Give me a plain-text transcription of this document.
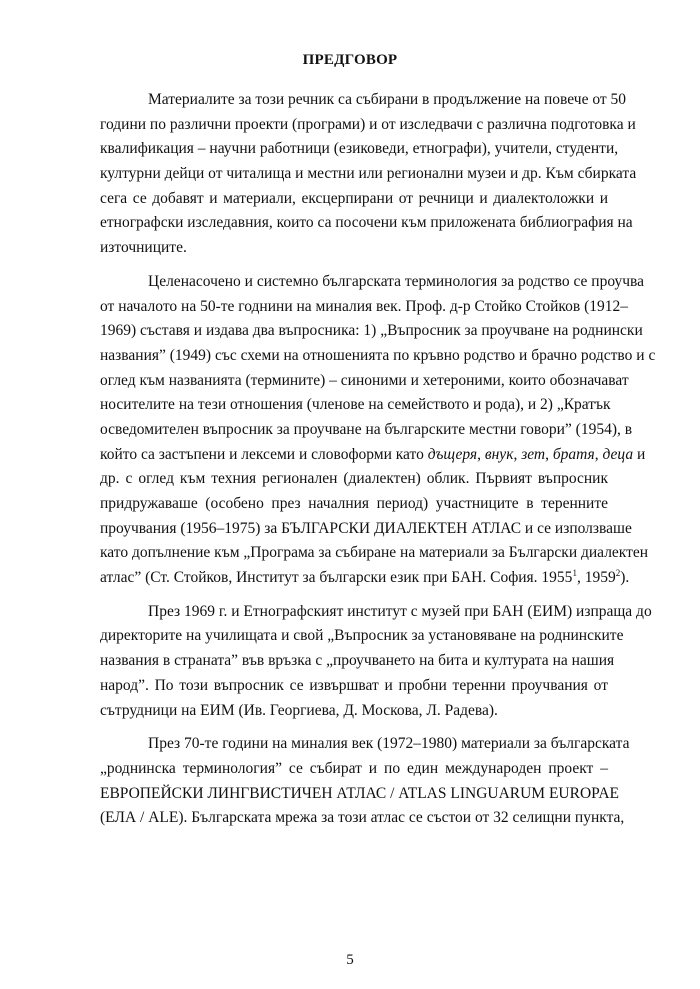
ПРЕДГОВОР
Материалите за този речник са събирани в продължение на повече от 50
години по различни проекти (програми) и от изследвачи с различна подготовка и
квалификация – научни работници (езиковеди, етнографи), учители, студенти,
културни дейци от читалища и местни или регионални музеи и др. Към сбирката
сега се добавят и материали, ексцерпирани от речници и диалектоложки и
етнографски изследавния, които са посочени към приложената библиография на
източниците.
Целенасочено и системно българската терминология за родство се проучва
от началото на 50-те годнини на миналия век. Проф. д-р Стойко Стойков (1912–
1969) съставя и издава два въпросника: 1) „Въпросник за проучване на роднински
названия” (1949) със схеми на отношенията по кръвно родство и брачно родство и с
оглед към названията (термините) – синоними и хетероними, които обозначават
носителите на тези отношения (членове на семейството и рода), и 2) „Кратък
осведомителен въпросник за проучване на българските местни говори” (1954), в
който са застъпени и лексеми и словоформи като дъщеря, внук, зет, братя, деца и
др. с оглед към техния регионален (диалектен) облик. Първият въпросник
придружаваше (особено през началния период) участниците в теренните
проучвания (1956–1975) за БЪЛГАРСКИ ДИАЛЕКТЕН АТЛАС и се използваше
като допълнение към „Програма за събиране на материали за Български диалектен
атлас” (Ст. Стойков, Институт за български език при БАН. София. 1955$^1$, 1959$^2$).
През 1969 г. и Етнографският институт с музей при БАН (ЕИМ) изпраща до
директорите на училищата и свой „Въпросник за установяване на роднинските
названия в страната” във връзка с „проучването на бита и културата на нашия
народ”. По този въпросник се извършват и пробни теренни проучвания от
сътрудници на ЕИМ (Ив. Георгиева, Д. Москова, Л. Радева).
През 70-те години на миналия век (1972–1980) материали за българската
„роднинска терминология” се събират и по един международен проект –
ЕВРОПЕЙСКИ ЛИНГВИСТИЧЕН АТЛАС / ATLAS LINGUARUM EUROPAE
(ЕЛА / ALE). Българската мрежа за този атлас се състои от 32 селищни пункта,
5
